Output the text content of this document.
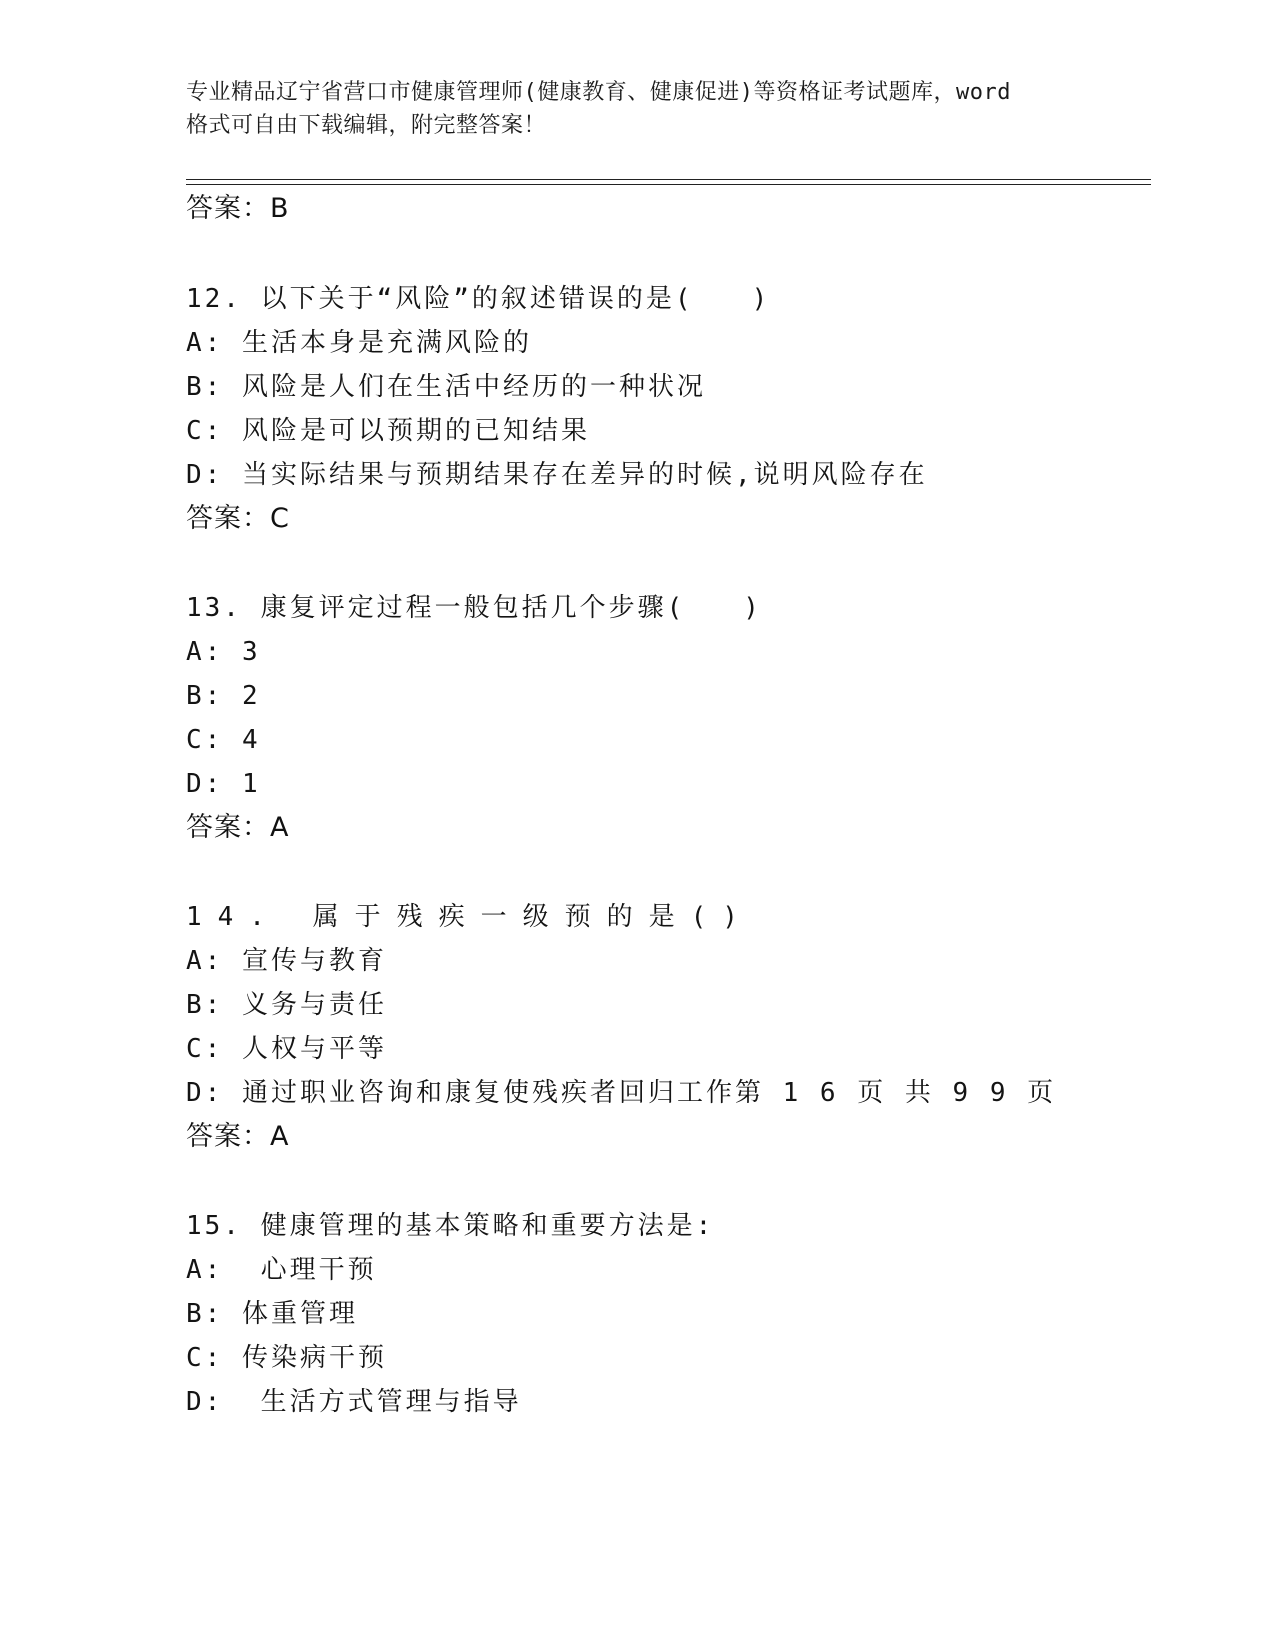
专业精品辽宁省营口市健康管理师(健康教育、健康促进)等资格证考试题库，word
格式可自由下载编辑，附完整答案！
答案：B
12. 以下关于“风险”的叙述错误的是(　　)
A: 生活本身是充满风险的
B: 风险是人们在生活中经历的一种状况
C: 风险是可以预期的已知结果
D: 当实际结果与预期结果存在差异的时候,说明风险存在
答案：C
13. 康复评定过程一般包括几个步骤(　　)
A: 3
B: 2
C: 4
D: 1
答案：A
14. 属于残疾一级预的是()
A: 宣传与教育
B: 义务与责任
C: 人权与平等
D: 通过职业咨询和康复使残疾者回归工作第 1 6 页 共 9 9 页
答案：A
15. 健康管理的基本策略和重要方法是:
A:  心理干预
B: 体重管理
C: 传染病干预
D:  生活方式管理与指导
